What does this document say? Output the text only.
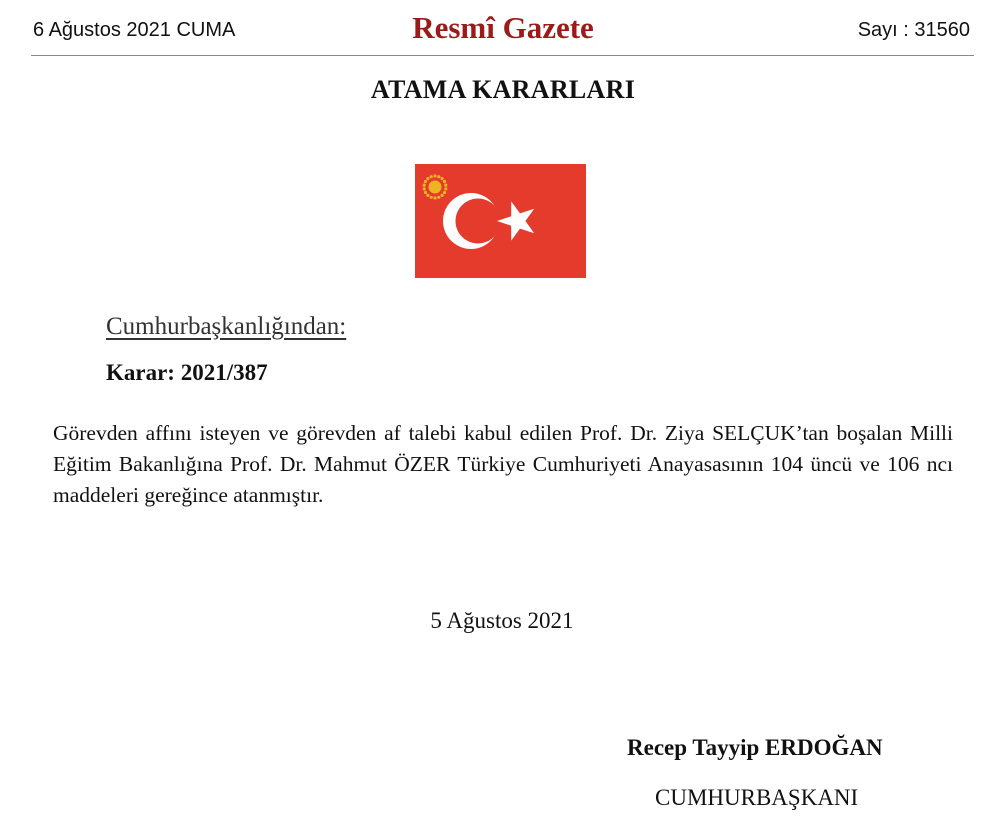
6 Ağustos 2021 CUMA	Resmî Gazete	Sayı : 31560
ATAMA KARARLARI
Cumhurbaşkanlığından:
Karar: 2021/387
Görevden affını isteyen ve görevden af talebi kabul edilen Prof. Dr. Ziya SELÇUK’tan boşalan Milli Eğitim Bakanlığına Prof. Dr. Mahmut ÖZER Türkiye Cumhuriyeti Anayasasının 104 üncü ve 106 ncı maddeleri gereğince atanmıştır.
5 Ağustos 2021
Recep Tayyip ERDOĞAN
CUMHURBAŞKANI
